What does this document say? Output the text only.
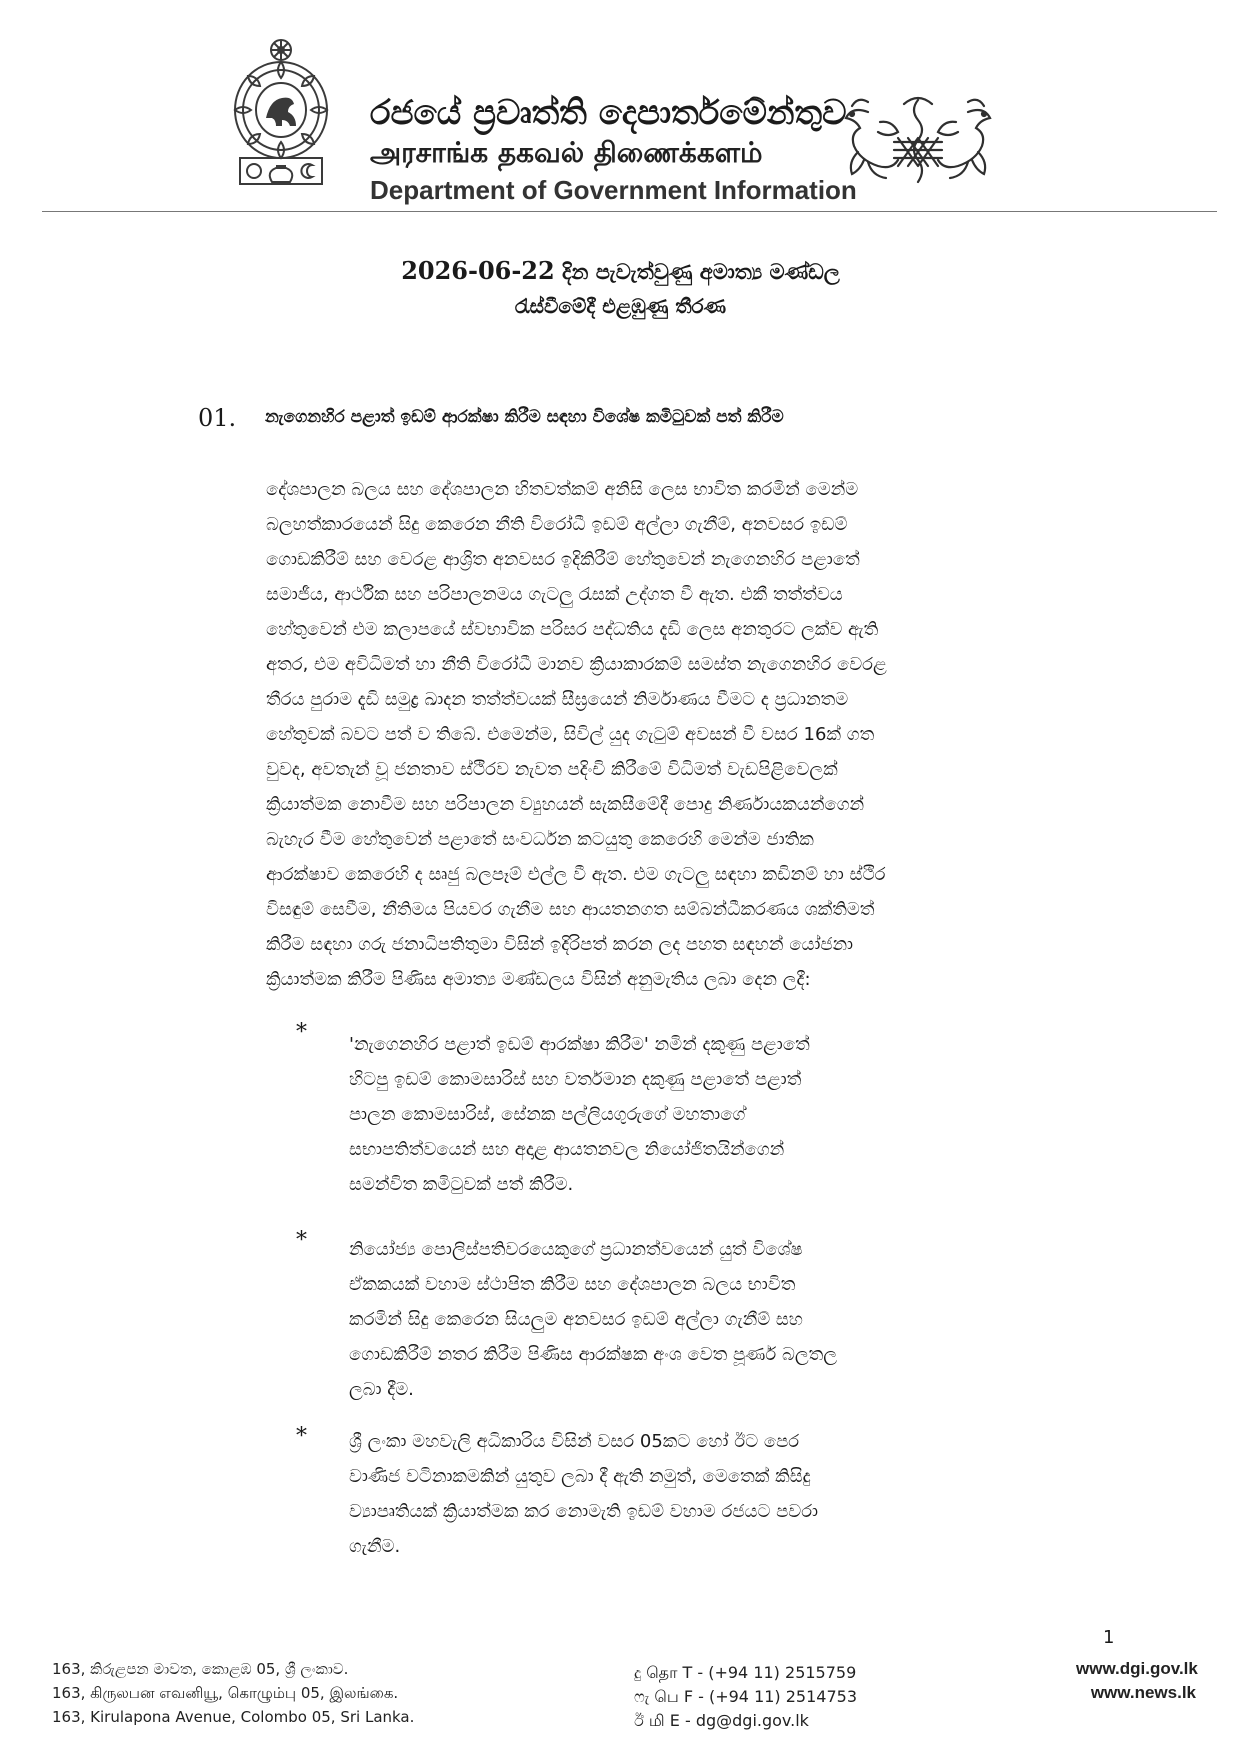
රජයේ ප්‍රවෘත්ති දෙපාර්තමේන්තුව
அரசாங்க தகவல் திணைக்களம்
Department of Government Information
2026-06-22 දින පැවැත්වුණු අමාත්‍ය මණ්ඩල
රැස්වීමේදී එළඹුණු තීරණ
01. නැගෙනහිර පළාත් ඉඩම් ආරක්ෂා කිරීම සඳහා විශේෂ කමිටුවක් පත් කිරීම
දේශපාලන බලය සහ දේශපාලන හිතවත්කම් අනිසි ලෙස භාවිත කරමින් මෙන්ම
බලහත්කාරයෙන් සිදු කෙරෙන නීති විරෝධී ඉඩම් අල්ලා ගැනීම්, අනවසර ඉඩම්
ගොඩකිරීම් සහ වෙරළ ආශ්‍රිත අනවසර ඉදිකිරීම් හේතුවෙන් නැගෙනහිර පළාතේ
සමාජීය, ආර්ථික සහ පරිපාලනමය ගැටලු රැසක් උද්ගත වී ඇත. එකී තත්ත්වය
හේතුවෙන් එම කලාපයේ ස්වභාවික පරිසර පද්ධතිය දැඩි ලෙස අනතුරට ලක්ව ඇති
අතර, එම අවිධිමත් හා නීති විරෝධී මානව ක්‍රියාකාරකම් සමස්ත නැගෙනහිර වෙරළ
තීරය පුරාම දැඩි සමුද්‍ර ඛාදන තත්ත්වයක් සීඝ්‍රයෙන් නිර්මාණය වීමට ද ප්‍රධානතම
හේතුවක් බවට පත් ව තිබේ. එමෙන්ම, සිවිල් යුද ගැටුම් අවසන් වී වසර 16ක් ගත
වුවද, අවතැන් වූ ජනතාව ස්ථිරව නැවත පදිංචි කිරීමේ විධිමත් වැඩපිළිවෙලක්
ක්‍රියාත්මක නොවීම සහ පරිපාලන ව්‍යුහයන් සැකසීමේදී පොදු නිර්ණායකයන්ගෙන්
බැහැර වීම හේතුවෙන් පළාතේ සංවර්ධන කටයුතු කෙරෙහි මෙන්ම ජාතික
ආරක්ෂාව කෙරෙහි ද සෘජු බලපෑම් එල්ල වී ඇත. එම ගැටලු සඳහා කඩිනම් හා ස්ථිර
විසඳුම් සෙවීම, නීතිමය පියවර ගැනීම සහ ආයතනගත සම්බන්ධීකරණය ශක්තිමත්
කිරීම සඳහා ගරු ජනාධිපතිතුමා විසින් ඉදිරිපත් කරන ලද පහත සඳහන් යෝජනා
ක්‍රියාත්මක කිරීම පිණිස අමාත්‍ය මණ්ඩලය විසින් අනුමැතිය ලබා දෙන ලදී:
* 'නැගෙනහිර පළාත් ඉඩම් ආරක්ෂා කිරීම' නමින් දකුණු පළාතේ
හිටපු ඉඩම් කොමසාරිස් සහ වර්තමාන දකුණු පළාතේ පළාත්
පාලන කොමසාරිස්, සේනක පල්ලියගුරුගේ මහතාගේ
සභාපතිත්වයෙන් සහ අදාළ ආයතනවල නියෝජිතයින්ගෙන්
සමන්විත කමිටුවක් පත් කිරීම.
* නියෝජ්‍ය පොලිස්පතිවරයෙකුගේ ප්‍රධානත්වයෙන් යුත් විශේෂ
ඒකකයක් වහාම ස්ථාපිත කිරීම සහ දේශපාලන බලය භාවිත
කරමින් සිදු කෙරෙන සියලුම අනවසර ඉඩම් අල්ලා ගැනීම් සහ
ගොඩකිරීම් නතර කිරීම පිණිස ආරක්ෂක අංශ වෙත පූර්ණ බලතල
ලබා දීම.
* ශ්‍රී ලංකා මහවැලි අධිකාරිය විසින් වසර 05කට හෝ ඊට පෙර
වාණිජ වටිනාකමකින් යුතුව ලබා දී ඇති නමුත්, මෙතෙක් කිසිදු
ව්‍යාපෘතියක් ක්‍රියාත්මක කර නොමැති ඉඩම් වහාම රජයට පවරා
ගැනීම.
1
163, කිරුළපන මාවත, කොළඹ 05, ශ්‍රී ලංකාව.
163, கிருலபன எவனியூ, கொழும்பு 05, இலங்கை.
163, Kirulapona Avenue, Colombo 05, Sri Lanka.
දු தொ T - (+94 11) 2515759
ෆැ பெ F - (+94 11) 2514753
ඊ மி E - dg@dgi.gov.lk
www.dgi.gov.lk
www.news.lk
